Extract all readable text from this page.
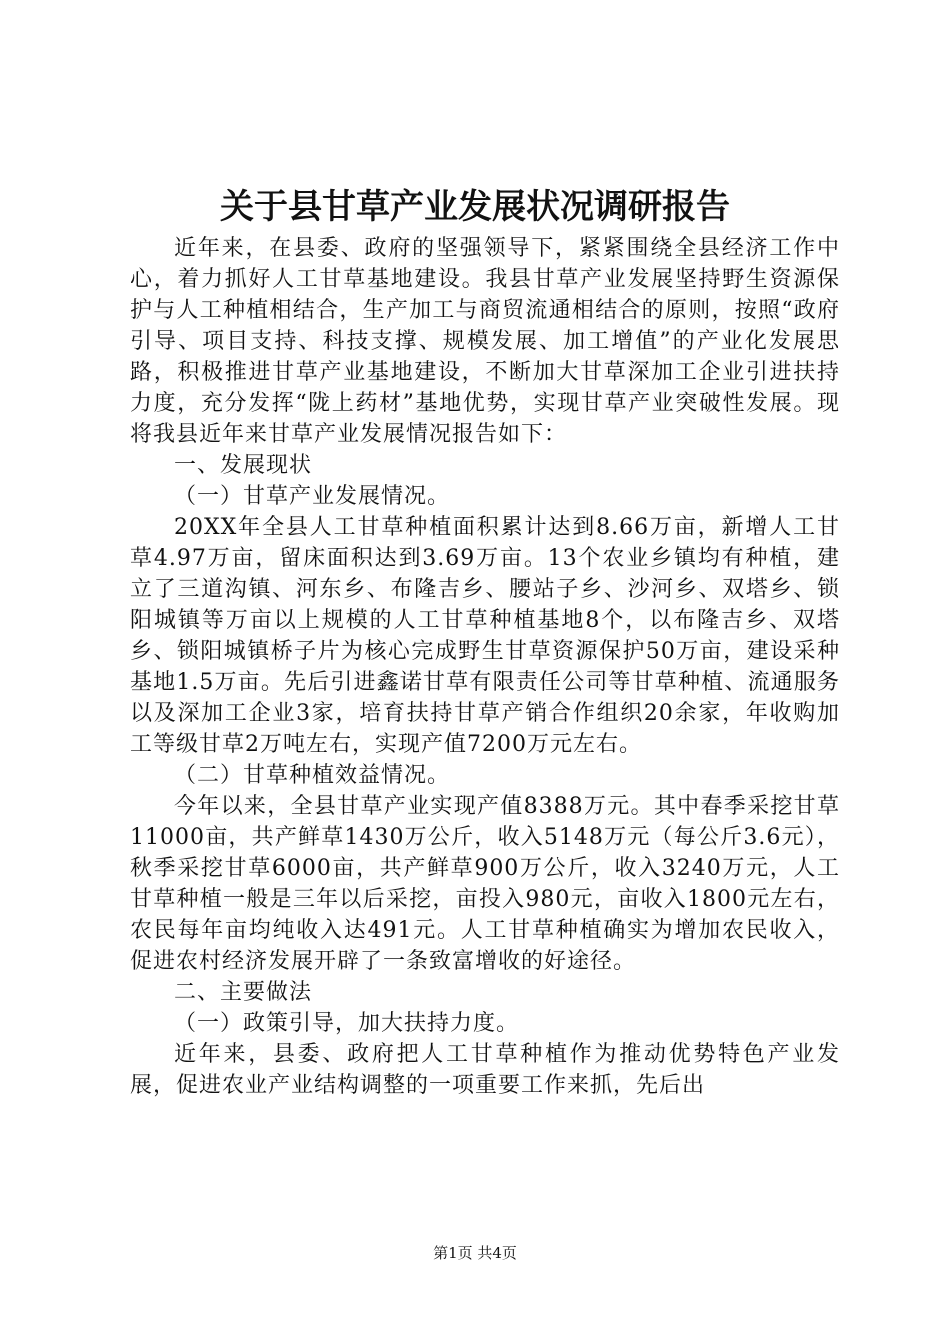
关于县甘草产业发展状况调研报告

近年来，在县委、政府的坚强领导下，紧紧围绕全县经济工作中心，着力抓好人工甘草基地建设。我县甘草产业发展坚持野生资源保护与人工种植相结合，生产加工与商贸流通相结合的原则，按照“政府引导、项目支持、科技支撑、规模发展、加工增值”的产业化发展思路，积极推进甘草产业基地建设，不断加大甘草深加工企业引进扶持力度，充分发挥“陇上药材”基地优势，实现甘草产业突破性发展。现将我县近年来甘草产业发展情况报告如下：

一、发展现状

（一）甘草产业发展情况。

20XX年全县人工甘草种植面积累计达到8.66万亩，新增人工甘草4.97万亩，留床面积达到3.69万亩。13个农业乡镇均有种植，建立了三道沟镇、河东乡、布隆吉乡、腰站子乡、沙河乡、双塔乡、锁阳城镇等万亩以上规模的人工甘草种植基地8个，以布隆吉乡、双塔乡、锁阳城镇桥子片为核心完成野生甘草资源保护50万亩，建设采种基地1.5万亩。先后引进鑫诺甘草有限责任公司等甘草种植、流通服务以及深加工企业3家，培育扶持甘草产销合作组织20余家，年收购加工等级甘草2万吨左右，实现产值7200万元左右。

（二）甘草种植效益情况。

今年以来，全县甘草产业实现产值8388万元。其中春季采挖甘草11000亩，共产鲜草1430万公斤，收入5148万元（每公斤3.6元），秋季采挖甘草6000亩，共产鲜草900万公斤，收入3240万元，人工甘草种植一般是三年以后采挖，亩投入980元，亩收入1800元左右，农民每年亩均纯收入达491元。人工甘草种植确实为增加农民收入，促进农村经济发展开辟了一条致富增收的好途径。

二、主要做法

（一）政策引导，加大扶持力度。

近年来，县委、政府把人工甘草种植作为推动优势特色产业发展，促进农业产业结构调整的一项重要工作来抓，先后出

第1页 共4页
